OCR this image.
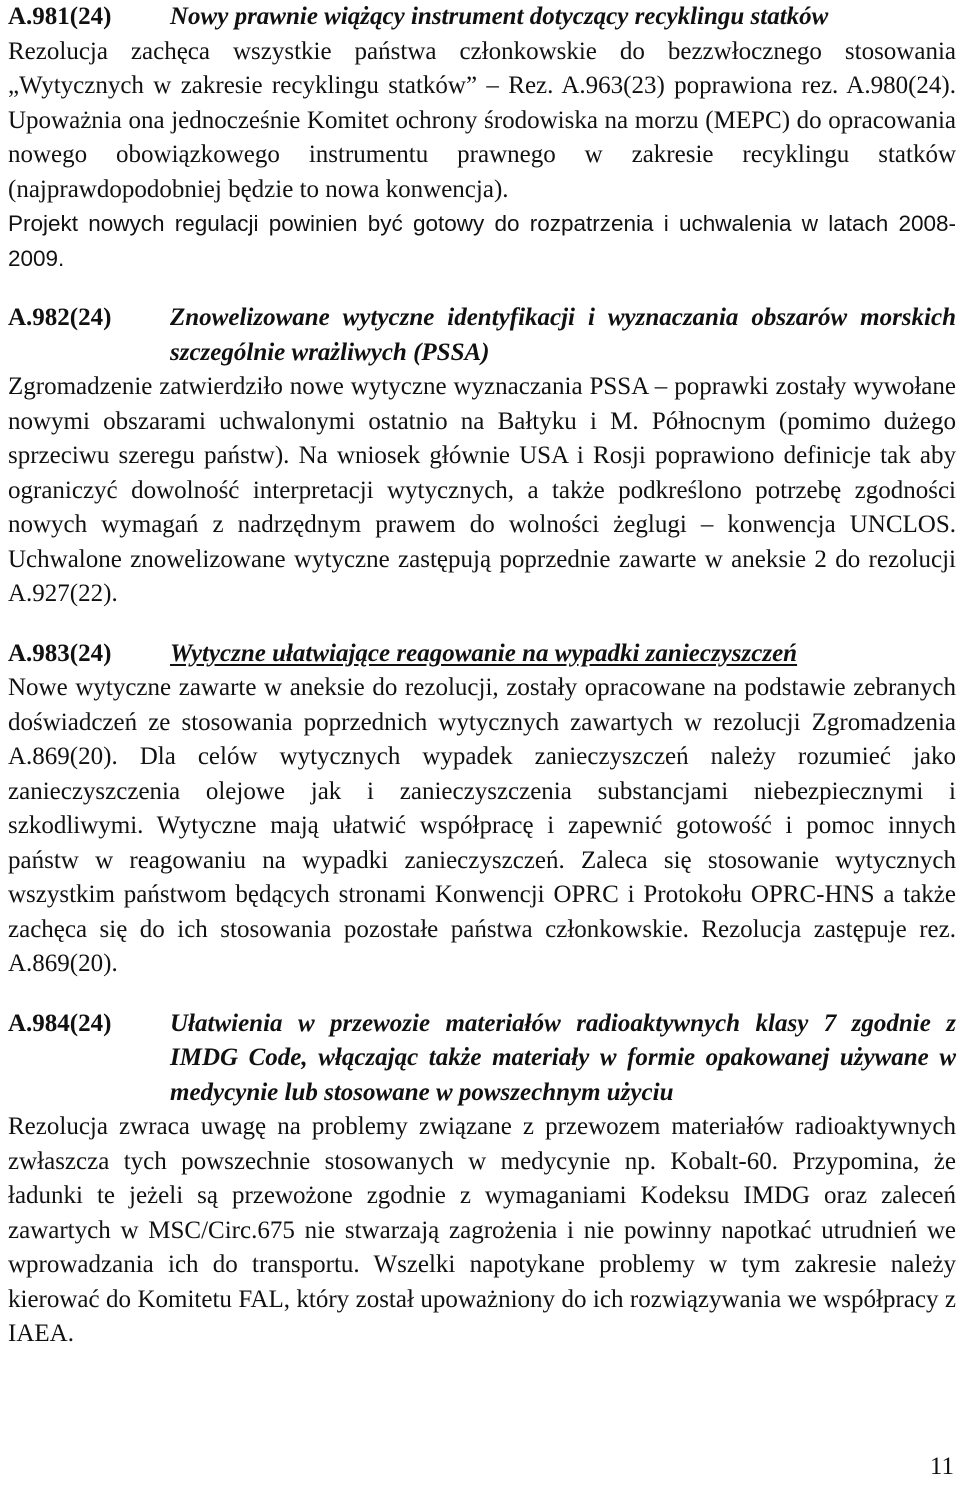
A.981(24)	Nowy prawnie wiążący instrument dotyczący recyklingu statków

Rezolucja zachęca wszystkie państwa członkowskie do bezzwłocznego stosowania „Wytycznych w zakresie recyklingu statków” – Rez. A.963(23) poprawiona rez. A.980(24). Upoważnia ona jednocześnie Komitet ochrony środowiska na morzu (MEPC) do opracowania nowego obowiązkowego instrumentu prawnego w zakresie recyklingu statków (najprawdopodobniej będzie to nowa konwencja).

Projekt nowych regulacji powinien być gotowy do rozpatrzenia i uchwalenia w latach 2008-2009.

A.982(24)	Znowelizowane wytyczne identyfikacji i wyznaczania obszarów morskich szczególnie wrażliwych (PSSA)

Zgromadzenie zatwierdziło nowe wytyczne wyznaczania PSSA – poprawki zostały wywołane nowymi obszarami uchwalonymi ostatnio na Bałtyku i M. Północnym (pomimo dużego sprzeciwu szeregu państw). Na wniosek głównie USA i Rosji poprawiono definicje tak aby ograniczyć dowolność interpretacji wytycznych, a także podkreślono potrzebę zgodności nowych wymagań z nadrzędnym prawem do wolności żeglugi – konwencja UNCLOS. Uchwalone znowelizowane wytyczne zastępują poprzednie zawarte w aneksie 2 do rezolucji A.927(22).

A.983(24)	Wytyczne ułatwiające reagowanie na wypadki zanieczyszczeń

Nowe wytyczne zawarte w aneksie do rezolucji, zostały opracowane na podstawie zebranych doświadczeń ze stosowania poprzednich wytycznych zawartych w rezolucji Zgromadzenia A.869(20). Dla celów wytycznych wypadek zanieczyszczeń należy rozumieć jako zanieczyszczenia olejowe jak i zanieczyszczenia substancjami niebezpiecznymi i szkodliwymi. Wytyczne mają ułatwić współpracę i zapewnić gotowość i pomoc innych państw w reagowaniu na wypadki zanieczyszczeń. Zaleca się stosowanie wytycznych wszystkim państwom będących stronami Konwencji OPRC i Protokołu OPRC-HNS a także zachęca się do ich stosowania pozostałe państwa członkowskie. Rezolucja zastępuje rez. A.869(20).

A.984(24)	Ułatwienia w przewozie materiałów radioaktywnych klasy 7 zgodnie z IMDG Code, włączając także materiały w formie opakowanej używane w medycynie lub stosowane w powszechnym użyciu

Rezolucja zwraca uwagę na problemy związane z przewozem materiałów radioaktywnych zwłaszcza tych powszechnie stosowanych w medycynie np. Kobalt-60. Przypomina, że ładunki te jeżeli są przewożone zgodnie z wymaganiami Kodeksu IMDG oraz zaleceń zawartych w MSC/Circ.675 nie stwarzają zagrożenia i nie powinny napotkać utrudnień we wprowadzania ich do transportu. Wszelki napotykane problemy w tym zakresie należy kierować do Komitetu FAL, który został upoważniony do ich rozwiązywania we współpracy z IAEA.

11
